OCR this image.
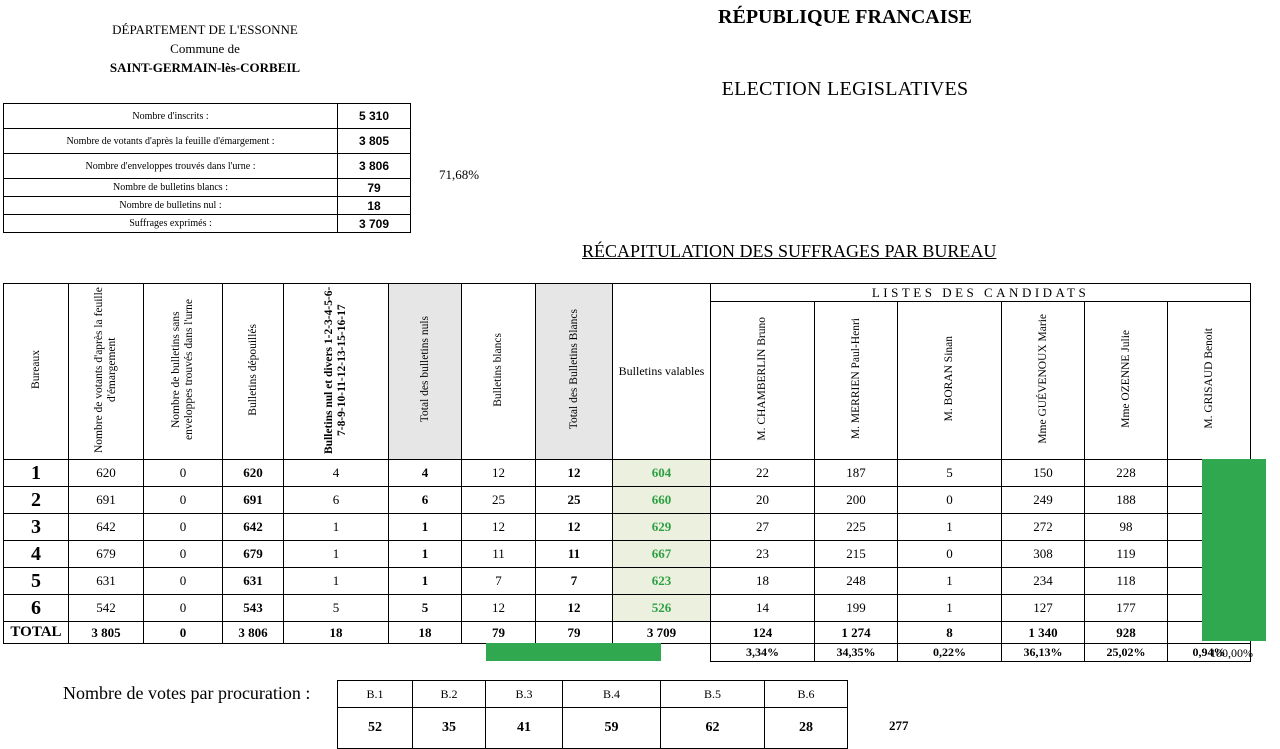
DÉPARTEMENT DE L'ESSONNE
Commune de
SAINT-GERMAIN-lès-CORBEIL
RÉPUBLIQUE FRANCAISE
ELECTION LEGISLATIVES
Nombre d'inscrits :	5 310
Nombre de votants d'après la feuille d'émargement :	3 805
Nombre d'enveloppes trouvés dans l'urne :	3 806
Nombre de bulletins blancs :	79
Nombre de bulletins nul :	18
Suffrages exprimés :	3 709
71,68%
RÉCAPITULATION DES SUFFRAGES PAR BUREAU
Bureaux	Nombre de votants d'après la feuille d'émargement	Nombre de bulletins sans enveloppes trouvés dans l'urne	Bulletins dépouillés	Bulletins nul et divers 1-2-3-4-5-6-7-8-9-10-11-12-13-15-16-17	Total des bulletins nuls	Bulletins blancs	Total des Bulletins Blancs	Bulletins valables	LISTES DES CANDIDATS					
									M. CHAMBERLIN Bruno	M. MERRIEN Paul-Henri	M. BORAN Sinan	Mme GUÉVENOUX Marie	Mme OZENNE Julie	M. GRISAUD Benoit
1	620	0	620	4	4	12	12	604	22	187	5	150	228	
2	691	0	691	6	6	25	25	660	20	200	0	249	188	
3	642	0	642	1	1	12	12	629	27	225	1	272	98	
4	679	0	679	1	1	11	11	667	23	215	0	308	119	
5	631	0	631	1	1	7	7	623	18	248	1	234	118	
6	542	0	543	5	5	12	12	526	14	199	1	127	177	
TOTAL	3 805	0	3 806	18	18	79	79	3 709	124	1 274	8	1 340	928	
									3,34%	34,35%	0,22%	36,13%	25,02%	0,94%
100,00%
Nombre de votes par procuration :	B.1	B.2	B.3	B.4	B.5	B.6
52	35	41	59	62	28	277
